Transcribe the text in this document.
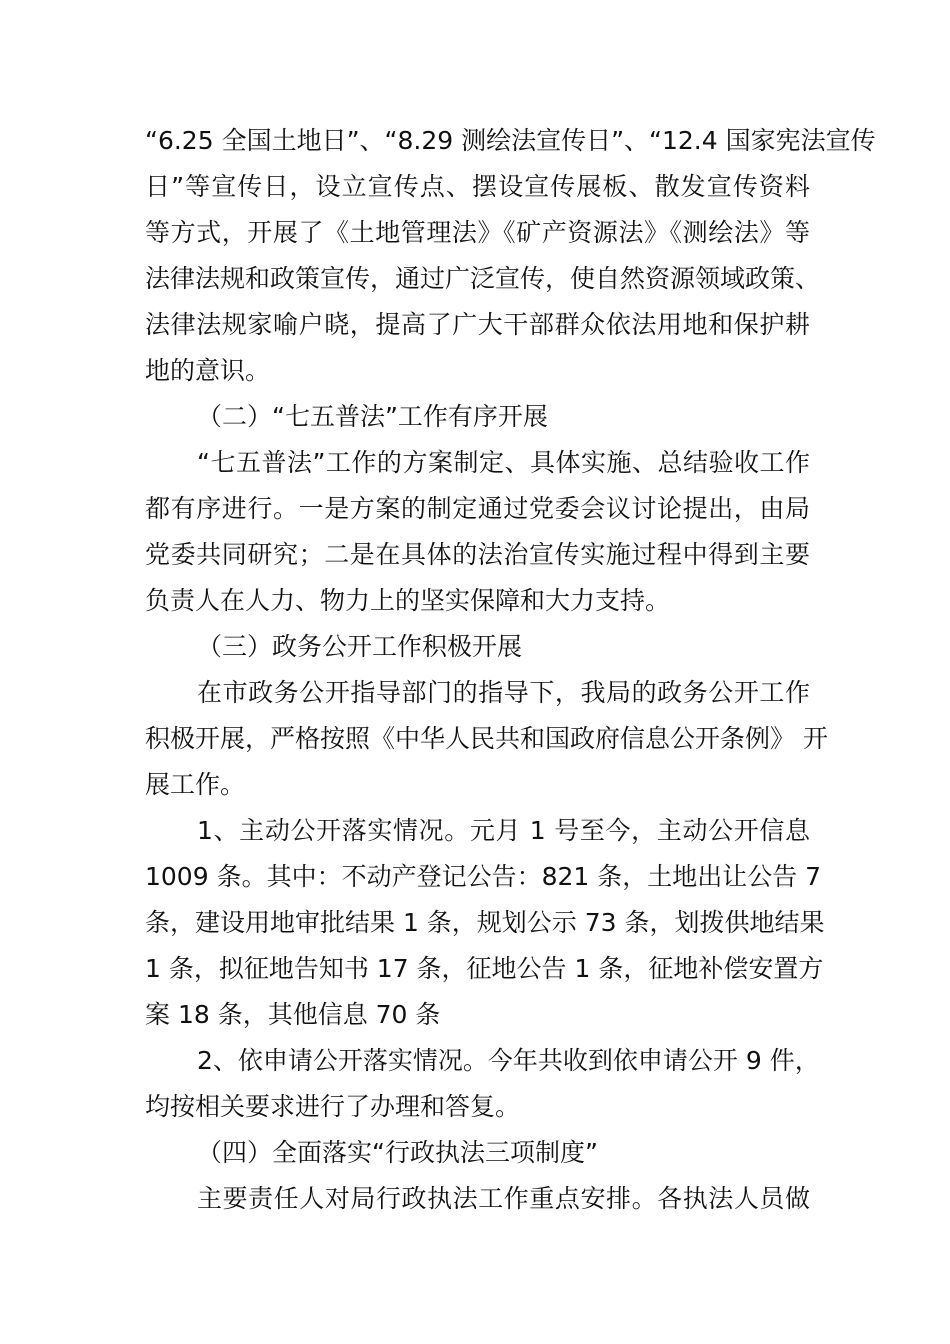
“6.25 全国土地日”、“8.29 测绘法宣传日”、“12.4 国家宪法宣传
日”等宣传日，设立宣传点、摆设宣传展板、散发宣传资料
等方式，开展了《土地管理法》《矿产资源法》《测绘法》等
法律法规和政策宣传，通过广泛宣传，使自然资源领域政策、
法律法规家喻户晓，提高了广大干部群众依法用地和保护耕
地的意识。
（二）“七五普法”工作有序开展
“七五普法”工作的方案制定、具体实施、总结验收工作
都有序进行。一是方案的制定通过党委会议讨论提出，由局
党委共同研究；二是在具体的法治宣传实施过程中得到主要
负责人在人力、物力上的坚实保障和大力支持。
（三）政务公开工作积极开展
在市政务公开指导部门的指导下，我局的政务公开工作
积极开展，严格按照《中华人民共和国政府信息公开条例》 开
展工作。
1、主动公开落实情况。元月 1 号至今，主动公开信息
1009 条。其中：不动产登记公告：821 条，土地出让公告 7
条，建设用地审批结果 1 条，规划公示 73 条，划拨供地结果
1 条，拟征地告知书 17 条，征地公告 1 条，征地补偿安置方
案 18 条，其他信息 70 条
2、依申请公开落实情况。今年共收到依申请公开 9 件，
均按相关要求进行了办理和答复。
（四）全面落实“行政执法三项制度”
主要责任人对局行政执法工作重点安排。各执法人员做
